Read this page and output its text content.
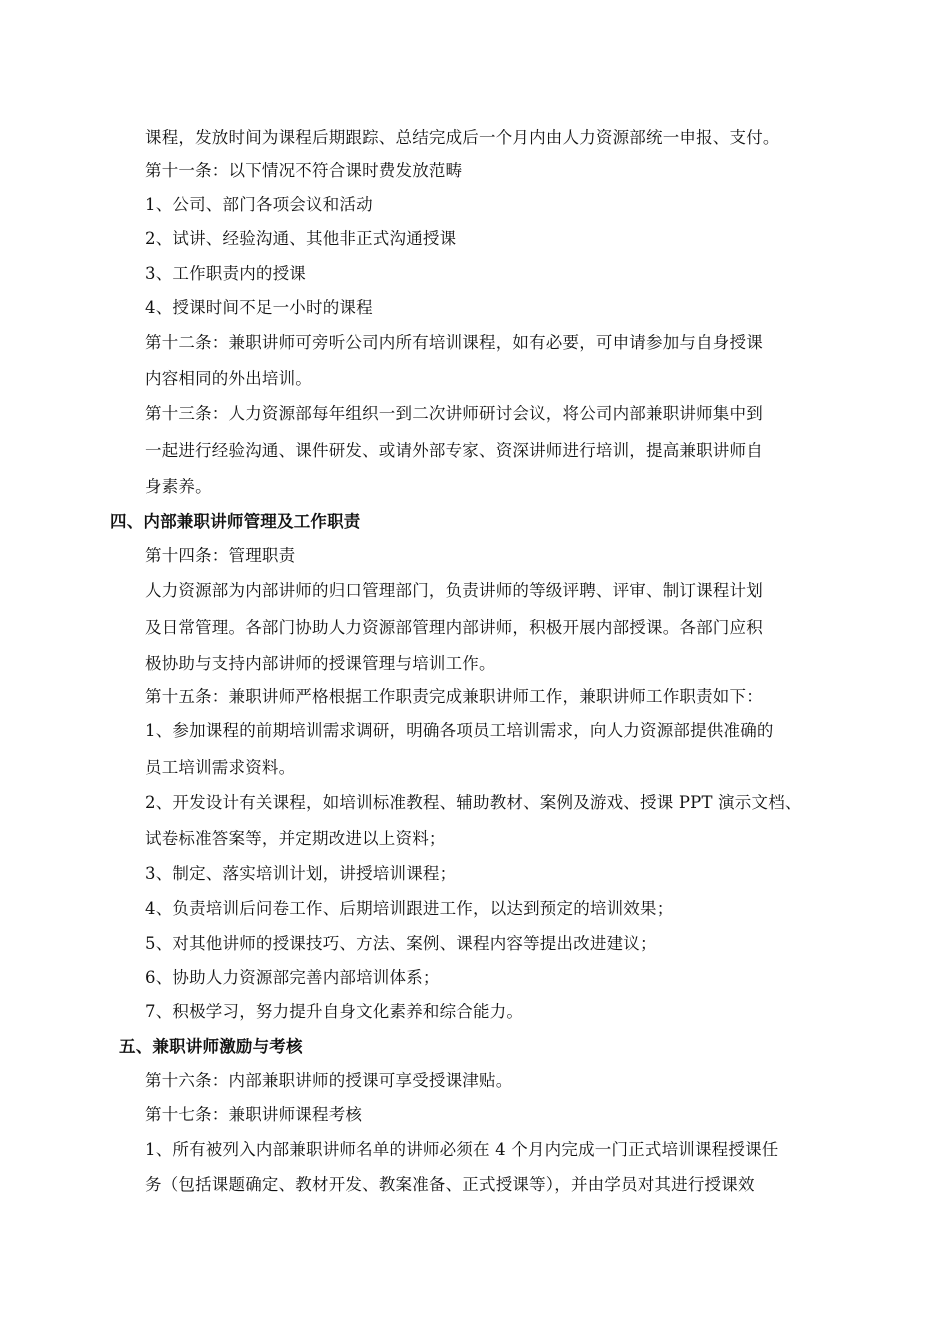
课程，发放时间为课程后期跟踪、总结完成后一个月内由人力资源部统一申报、支付。
第十一条：以下情况不符合课时费发放范畴
1、公司、部门各项会议和活动
2、试讲、经验沟通、其他非正式沟通授课
3、工作职责内的授课
4、授课时间不足一小时的课程
第十二条：兼职讲师可旁听公司内所有培训课程，如有必要，可申请参加与自身授课
内容相同的外出培训。
第十三条：人力资源部每年组织一到二次讲师研讨会议，将公司内部兼职讲师集中到
一起进行经验沟通、课件研发、或请外部专家、资深讲师进行培训，提高兼职讲师自
身素养。
四、内部兼职讲师管理及工作职责
第十四条：管理职责
人力资源部为内部讲师的归口管理部门，负责讲师的等级评聘、评审、制订课程计划
及日常管理。各部门协助人力资源部管理内部讲师，积极开展内部授课。各部门应积
极协助与支持内部讲师的授课管理与培训工作。
第十五条：兼职讲师严格根据工作职责完成兼职讲师工作，兼职讲师工作职责如下：
1、参加课程的前期培训需求调研，明确各项员工培训需求，向人力资源部提供准确的
员工培训需求资料。
2、开发设计有关课程，如培训标准教程、辅助教材、案例及游戏、授课 PPT 演示文档、
试卷标准答案等，并定期改进以上资料；
3、制定、落实培训计划，讲授培训课程；
4、负责培训后问卷工作、后期培训跟进工作，以达到预定的培训效果；
5、对其他讲师的授课技巧、方法、案例、课程内容等提出改进建议；
6、协助人力资源部完善内部培训体系；
7、积极学习，努力提升自身文化素养和综合能力。
五、兼职讲师激励与考核
第十六条：内部兼职讲师的授课可享受授课津贴。
第十七条：兼职讲师课程考核
1、所有被列入内部兼职讲师名单的讲师必须在 4 个月内完成一门正式培训课程授课任
务（包括课题确定、教材开发、教案准备、正式授课等），并由学员对其进行授课效
